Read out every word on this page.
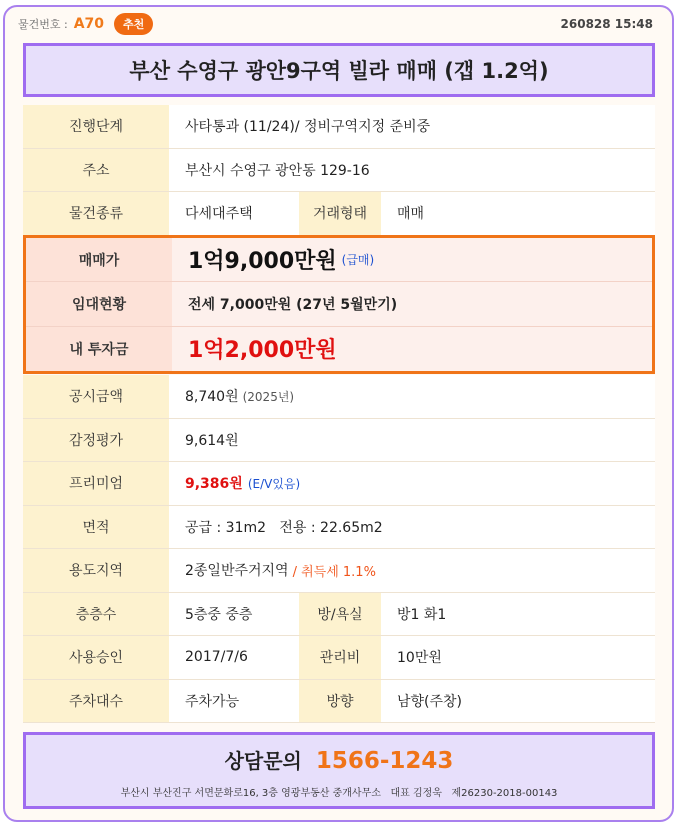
물건번호 : A70	추천	260828 15:48
부산 수영구 광안9구역 빌라 매매 (갭 1.2억)
진행단계	사타통과 (11/24)/ 정비구역지정 준비중
주소	부산시 수영구 광안동 129-16
물건종류	다세대주택	거래형태	매매
매매가	1억9,000만원 (급매)
임대현황	전세 7,000만원 (27년 5월만기)
내 투자금	1억2,000만원
공시금액	8,740원 (2025년)
감정평가	9,614원
프리미엄	9,386원 (E/V있음)
면적	공급 : 31m2   전용 : 22.65m2
용도지역	2종일반주거지역 / 취득세 1.1%
층층수	5층중 중층	방/욕실	방1 화1
사용승인	2017/7/6	관리비	10만원
주차대수	주차가능	방향	남향(주창)
상담문의 1566-1243
부산시 부산진구 서면문화로16, 3층 영광부동산 중개사무소   대표 김정욱   제26230-2018-00143
